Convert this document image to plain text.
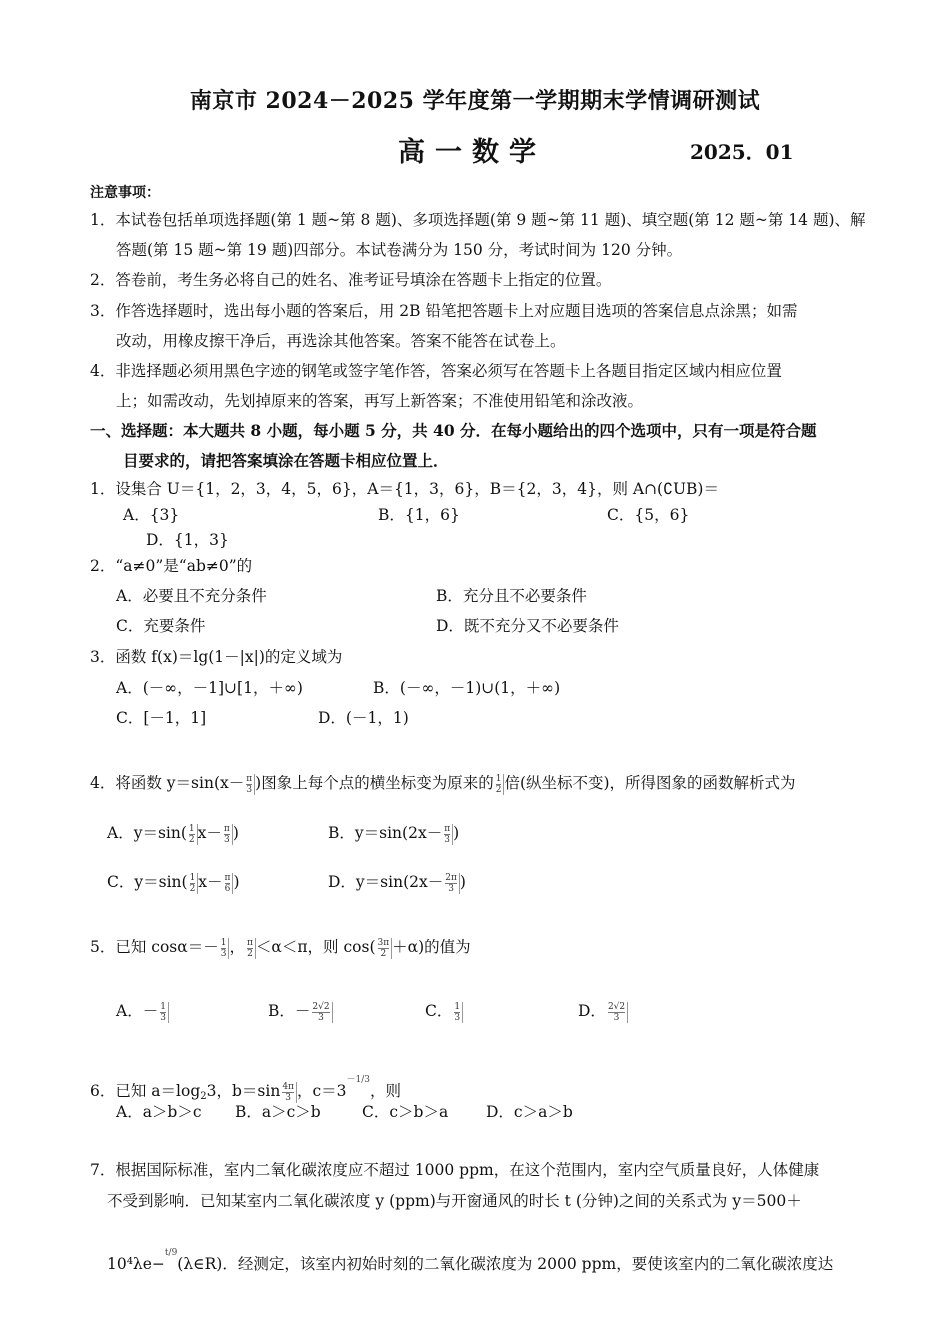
南京市 2024－2025 学年度第一学期期末学情调研测试
高一数学	2025．01
注意事项：
1．本试卷包括单项选择题(第 1 题~第 8 题)、多项选择题(第 9 题~第 11 题)、填空题(第 12 题~第 14 题)、解
答题(第 15 题~第 19 题)四部分。本试卷满分为 150 分，考试时间为 120 分钟。
2．答卷前，考生务必将自己的姓名、准考证号填涂在答题卡上指定的位置。
3．作答选择题时，选出每小题的答案后，用 2B 铅笔把答题卡上对应题目选项的答案信息点涂黑；如需
改动，用橡皮擦干净后，再选涂其他答案。答案不能答在试卷上。
4．非选择题必须用黑色字迹的钢笔或签字笔作答，答案必须写在答题卡上各题目指定区域内相应位置
上；如需改动，先划掉原来的答案，再写上新答案；不准使用铅笔和涂改液。
一、选择题：本大题共 8 小题，每小题 5 分，共 40 分．在每小题给出的四个选项中，只有一项是符合题
目要求的，请把答案填涂在答题卡相应位置上．
1．设集合 U＝{1，2，3，4，5，6}，A＝{1，3，6}，B＝{2，3，4}，则 A∩(∁UB)＝
A．{3}	B．{1，6}	C．{5，6}
D．{1，3}
2．“a≠0”是“ab≠0”的
A．必要且不充分条件	B．充分且不必要条件
C．充要条件	D．既不充分又不必要条件
3．函数 f(x)＝lg(1－|x|)的定义域为
A．(－∞，－1]∪[1，＋∞)	B．(－∞，－1)∪(1，＋∞)
C．[－1，1]	D．(－1，1)
4．将函数 $y=\sin(x- \frac{\pi}{3}$ )图象上每个点的横坐标变为原来的 $\frac{1}{2}$ 倍(纵坐标不变)，所得图象的函数解析式为
A．$y=\sin( \frac{1}{2} x- \frac{\pi}{3}$ )	B．$y=\sin(2x- \frac{\pi}{3}$ )
C．$y=\sin( \frac{1}{2} x- \frac{\pi}{6}$ )	D．$y=\sin(2x- \frac{2\pi}{3}$ )
5．已知 $\cos\alpha=- \frac{1}{3}$ ， $\frac{\pi}{2} <\alpha<\pi$，则 $\cos( \frac{3\pi}{2} +\alpha)$的值为
A．－ $\frac{1}{3}$	B．－ $\frac{2√2}{3}$	C． $\frac{1}{3}$	D． $\frac{2√2}{3}$
6．已知 $a=\log_23$，$b=\sin \frac{4\pi}{3}$ ，$c=3^{-1/3}$，则
A．a＞b＞c B．a＞c＞b	C．c＞b＞a D．c＞a＞b
7．根据国际标准，室内二氧化碳浓度应不超过 1000 ppm，在这个范围内，室内空气质量良好，人体健康
不受到影响．已知某室内二氧化碳浓度 y (ppm)与开窗通风的时长 t (分钟)之间的关系式为 y＝500＋
10⁴λe−$^{t/9}$(λ∈R)．经测定，该室内初始时刻的二氧化碳浓度为 2000 ppm，要使该室内的二氧化碳浓度达
